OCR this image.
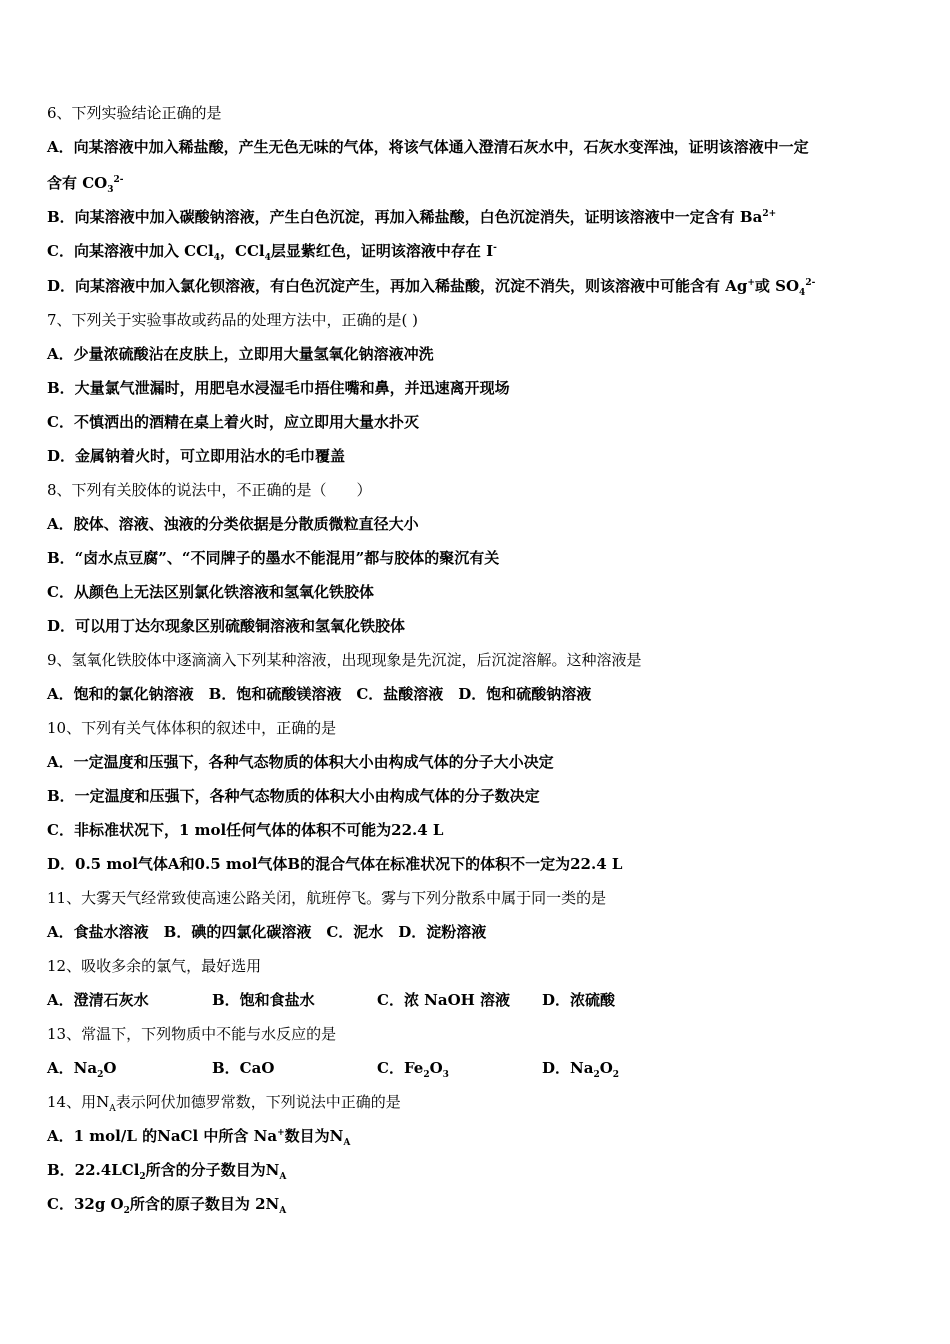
6、下列实验结论正确的是
A．向某溶液中加入稀盐酸，产生无色无味的气体，将该气体通入澄清石灰水中，石灰水变浑浊，证明该溶液中一定
含有 $CO_3^{2-}$
B．向某溶液中加入碳酸钠溶液，产生白色沉淀，再加入稀盐酸，白色沉淀消失，证明该溶液中一定含有 $Ba^{2+}$
C．向某溶液中加入 CCl$_4$，CCl$_4$层显紫红色，证明该溶液中存在 I-
D．向某溶液中加入氯化钡溶液，有白色沉淀产生，再加入稀盐酸，沉淀不消失，则该溶液中可能含有 Ag+或 $SO_4^{2-}$
7、下列关于实验事故或药品的处理方法中，正确的是( )
A．少量浓硫酸沾在皮肤上，立即用大量氢氧化钠溶液冲洗
B．大量氯气泄漏时，用肥皂水浸湿毛巾捂住嘴和鼻，并迅速离开现场
C．不慎洒出的酒精在桌上着火时，应立即用大量水扑灭
D．金属钠着火时，可立即用沾水的毛巾覆盖
8、下列有关胶体的说法中，不正确的是（　　）
A．胶体、溶液、浊液的分类依据是分散质微粒直径大小
B．“卤水点豆腐”、“不同牌子的墨水不能混用”都与胶体的聚沉有关
C．从颜色上无法区别氯化铁溶液和氢氧化铁胶体
D．可以用丁达尔现象区别硫酸铜溶液和氢氧化铁胶体
9、氢氧化铁胶体中逐滴滴入下列某种溶液，出现现象是先沉淀，后沉淀溶解。这种溶液是
A．饱和的氯化钠溶液　B．饱和硫酸镁溶液　C．盐酸溶液　D．饱和硫酸钠溶液
10、下列有关气体体积的叙述中，正确的是
A．一定温度和压强下，各种气态物质的体积大小由构成气体的分子大小决定
B．一定温度和压强下，各种气态物质的体积大小由构成气体的分子数决定
C．非标准状况下，1 mol任何气体的体积不可能为22.4 L
D．0.5 mol气体A和0.5 mol气体B的混合气体在标准状况下的体积不一定为22.4 L
11、大雾天气经常致使高速公路关闭，航班停飞。雾与下列分散系中属于同一类的是
A．食盐水溶液　B．碘的四氯化碳溶液　C．泥水　D．淀粉溶液
12、吸收多余的氯气，最好选用
A．澄清石灰水	B．饱和食盐水	C．浓 NaOH 溶液 D．浓硫酸
13、常温下，下列物质中不能与水反应的是
A．$Na_2O$	B．CaO	C．$Fe_2O_3$	D．$Na_2O_2$
14、用$N_A$表示阿伏加德罗常数，下列说法中正确的是
A．1 mol/L 的NaCl 中所含 Na+数目为$N_A$
B．22.4LCl$_2$所含的分子数目为$N_A$
C．32g $O_2$所含的原子数目为 $2N_A$
